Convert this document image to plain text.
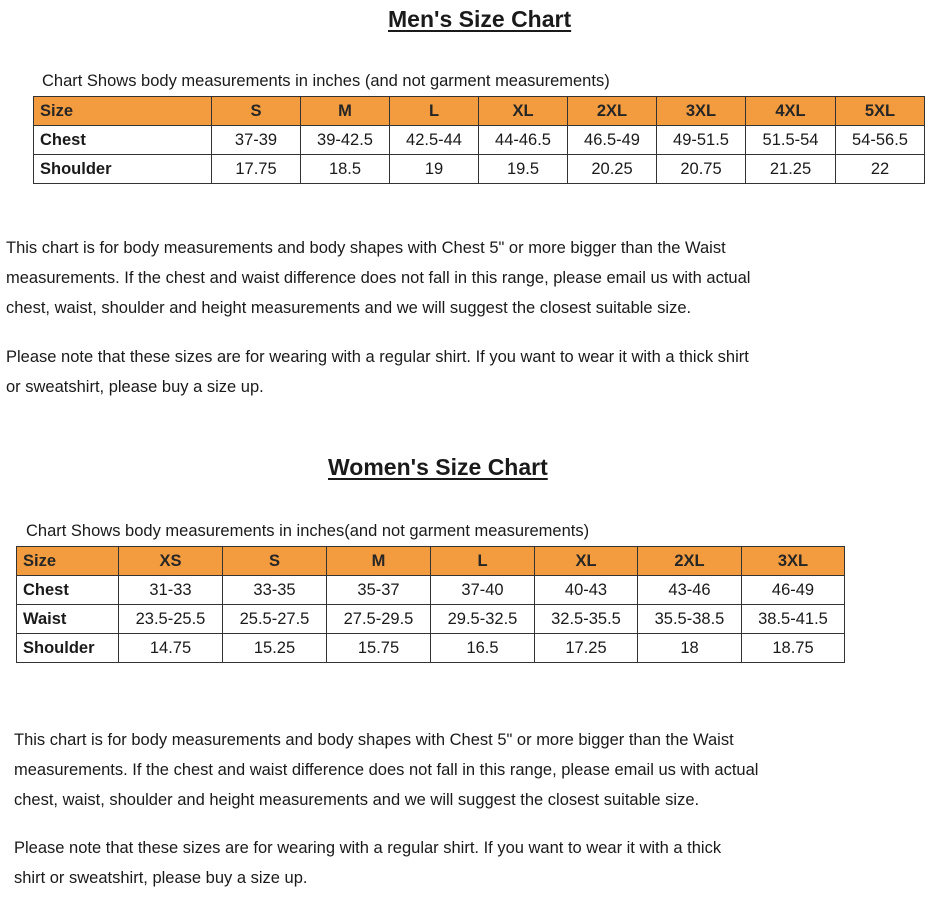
Men's Size Chart

Chart Shows body measurements in inches (and not garment measurements)

Size	S	M	L	XL	2XL	3XL	4XL	5XL
Chest	37-39	39-42.5	42.5-44	44-46.5	46.5-49	49-51.5	51.5-54	54-56.5
Shoulder	17.75	18.5	19	19.5	20.25	20.75	21.25	22
This chart is for body measurements and body shapes with Chest 5" or more bigger than the Waist
measurements. If the chest and waist difference does not fall in this range, please email us with actual
chest, waist, shoulder and height measurements and we will suggest the closest suitable size.
Please note that these sizes are for wearing with a regular shirt. If you want to wear it with a thick shirt
or sweatshirt, please buy a size up.
Women's Size Chart

Chart Shows body measurements in inches(and not garment measurements)

Size	XS	S	M	L	XL	2XL	3XL
Chest	31-33	33-35	35-37	37-40	40-43	43-46	46-49
Waist	23.5-25.5	25.5-27.5	27.5-29.5	29.5-32.5	32.5-35.5	35.5-38.5	38.5-41.5
Shoulder	14.75	15.25	15.75	16.5	17.25	18	18.75
This chart is for body measurements and body shapes with Chest 5" or more bigger than the Waist
measurements. If the chest and waist difference does not fall in this range, please email us with actual
chest, waist, shoulder and height measurements and we will suggest the closest suitable size.
Please note that these sizes are for wearing with a regular shirt. If you want to wear it with a thick
shirt or sweatshirt, please buy a size up.
